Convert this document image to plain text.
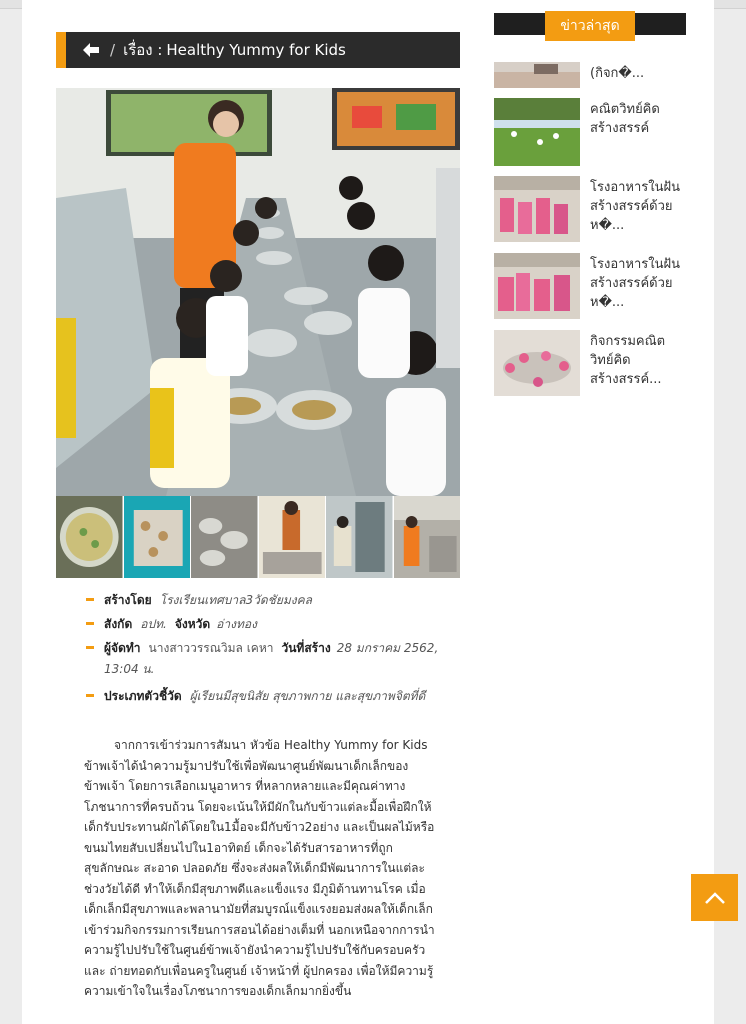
/ เรื่อง : Healthy Yummy for Kids
สร้างโดย โรงเรียนเทศบาล3วัดชัยมงคล
สังกัด อปท. จังหวัด อ่างทอง
ผู้จัดทำ นางสาววรรณวิมล เคหา วันที่สร้าง 28 มกราคม 2562, 13:04 น.
ประเภทตัวชี้วัด ผู้เรียนมีสุขนิสัย สุขภาพกาย และสุขภาพจิตที่ดี

จากการเข้าร่วมการสัมนา หัวข้อ Healthy Yummy for Kids ข้าพเจ้าได้นำความรู้มาปรับใช้เพื่อพัฒนาศูนย์พัฒนาเด็กเล็กของข้าพเจ้า โดยการเลือกเมนูอาหาร ที่หลากหลายและมีคุณค่าทางโภชนาการที่ครบถ้วน โดยจะเน้นให้มีผักในกับข้าวแต่ละมื้อเพื่อฝึกให้เด็กรับประทานผักได้โดยใน1มื้อจะมีกับข้าว2อย่าง และเป็นผลไม้หรือขนมไทยสับเปลี่ยนไปใน1อาทิตย์ เด็กจะได้รับสารอาหารที่ถูกสุขลักษณะ สะอาด ปลอดภัย ซึ่งจะส่งผลให้เด็กมีพัฒนาการในแต่ละช่วงวัยได้ดี ทำให้เด็กมีสุขภาพดีและแข็งแรง มีภูมิต้านทานโรค เมื่อเด็กเล็กมีสุขภาพและพลานามัยที่สมบูรณ์แข็งแรงยอมส่งผลให้เด็กเล็กเข้าร่วมกิจกรรมการเรียนการสอนได้อย่างเต็มที่ นอกเหนือจากการนำความรู้ไปปรับใช้ในศูนย์ข้าพเจ้ายังนำความรู้ไปปรับใช้กับครอบครัว และ ถ่ายทอดกับเพื่อนครูในศูนย์ เจ้าหน้าที่ ผู้ปกครอง เพื่อให้มีความรู้ความเข้าใจในเรื่องโภชนาการของเด็กเล็กมากยิ่งขึ้น

ข่าวล่าสุด
(กิจก�...
คณิตวิทย์คิดสร้างสรรค์
โรงอาหารในฝันสร้างสรรค์ด้วยห�...
โรงอาหารในฝันสร้างสรรค์ด้วยห�...
กิจกรรมคณิตวิทย์คิดสร้างสรรค์...
